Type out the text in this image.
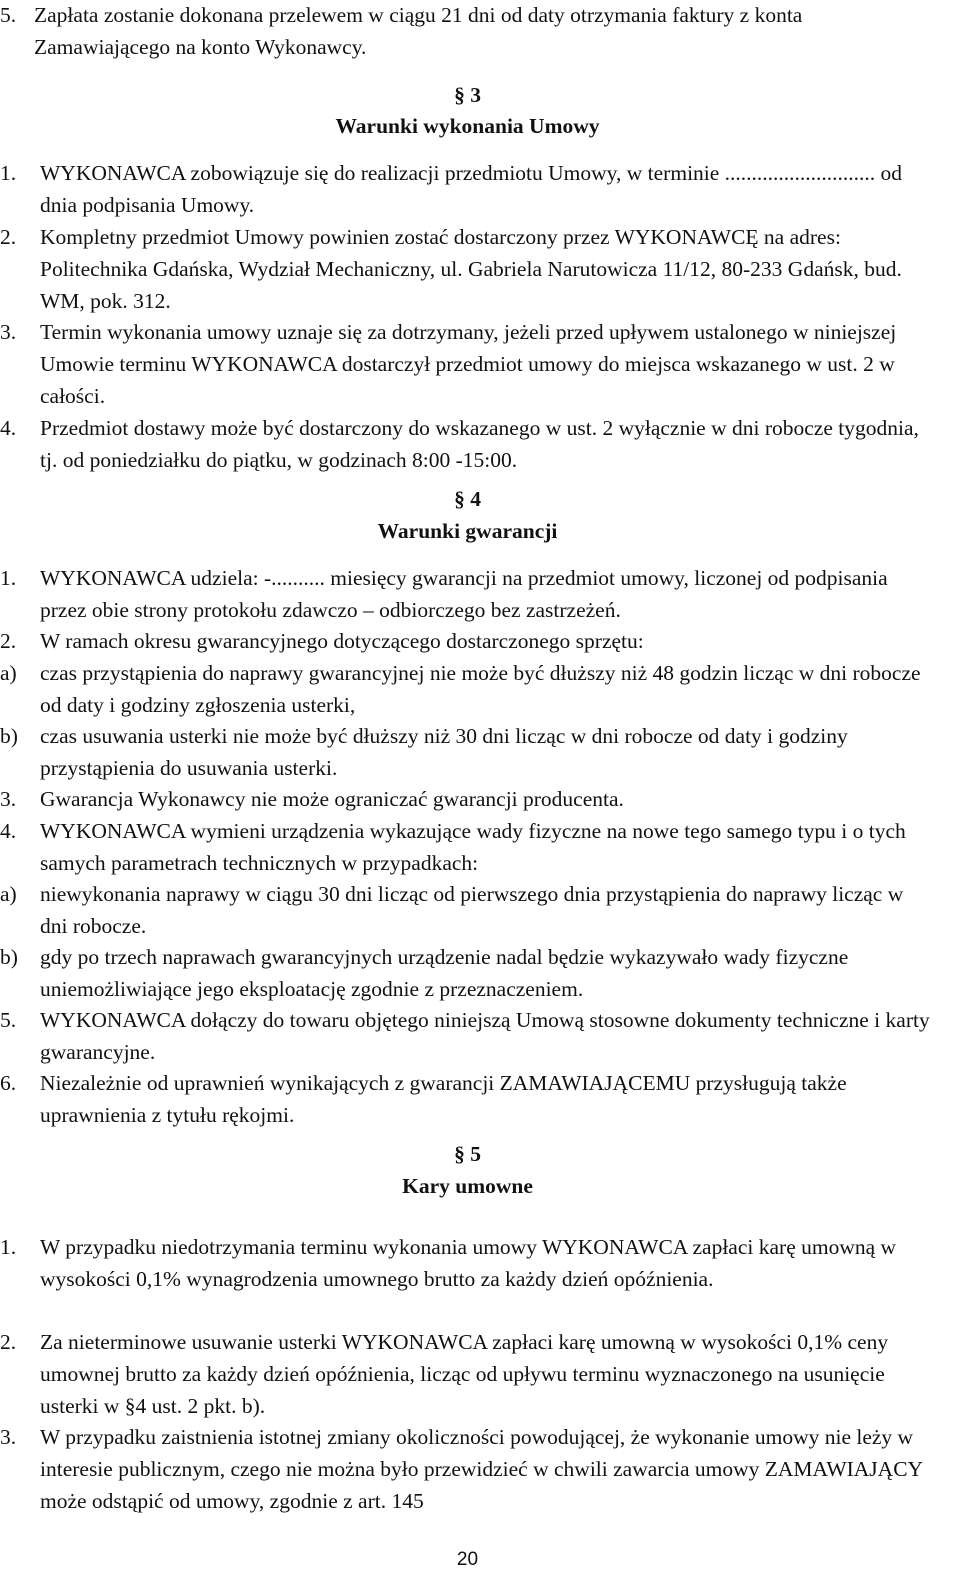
5. Zapłata zostanie dokonana przelewem w ciągu 21 dni od daty otrzymania faktury z konta Zamawiającego na konto Wykonawcy.
§ 3
Warunki wykonania Umowy
1. WYKONAWCA zobowiązuje się do realizacji przedmiotu Umowy, w terminie ............................ od dnia podpisania Umowy.
2. Kompletny przedmiot Umowy powinien zostać dostarczony przez WYKONAWCĘ na adres: Politechnika Gdańska, Wydział Mechaniczny, ul. Gabriela Narutowicza 11/12, 80-233 Gdańsk, bud. WM, pok. 312.
3. Termin wykonania umowy uznaje się za dotrzymany, jeżeli przed upływem ustalonego w niniejszej Umowie terminu WYKONAWCA dostarczył przedmiot umowy do miejsca wskazanego w ust. 2 w całości.
4. Przedmiot dostawy może być dostarczony do wskazanego w ust. 2 wyłącznie w dni robocze tygodnia, tj. od poniedziałku do piątku, w godzinach 8:00 -15:00.
§ 4
Warunki gwarancji
1. WYKONAWCA udziela: -.......... miesięcy gwarancji na przedmiot umowy, liczonej od podpisania przez obie strony protokołu zdawczo – odbiorczego bez zastrzeżeń.
2. W ramach okresu gwarancyjnego dotyczącego dostarczonego sprzętu:
a) czas przystąpienia do naprawy gwarancyjnej nie może być dłuższy niż 48 godzin licząc w dni robocze od daty i godziny zgłoszenia usterki,
b) czas usuwania usterki nie może być dłuższy niż 30 dni licząc w dni robocze od daty i godziny przystąpienia do usuwania usterki.
3. Gwarancja Wykonawcy nie może ograniczać gwarancji producenta.
4. WYKONAWCA wymieni urządzenia wykazujące wady fizyczne na nowe tego samego typu i o tych samych parametrach technicznych w przypadkach:
a) niewykonania naprawy w ciągu 30 dni licząc od pierwszego dnia przystąpienia do naprawy licząc w dni robocze.
b) gdy po trzech naprawach gwarancyjnych urządzenie nadal będzie wykazywało wady fizyczne uniemożliwiające jego eksploatację zgodnie z przeznaczeniem.
5. WYKONAWCA dołączy do towaru objętego niniejszą Umową stosowne dokumenty techniczne i karty gwarancyjne.
6. Niezależnie od uprawnień wynikających z gwarancji ZAMAWIAJĄCEMU przysługują także uprawnienia z tytułu rękojmi.
§ 5
Kary umowne
1. W przypadku niedotrzymania terminu wykonania umowy WYKONAWCA zapłaci karę umowną w wysokości 0,1% wynagrodzenia umownego brutto za każdy dzień opóźnienia.
2. Za nieterminowe usuwanie usterki WYKONAWCA zapłaci karę umowną w wysokości 0,1% ceny umownej brutto za każdy dzień opóźnienia, licząc od upływu terminu wyznaczonego na usunięcie usterki w §4 ust. 2 pkt. b).
3. W przypadku zaistnienia istotnej zmiany okoliczności powodującej, że wykonanie umowy nie leży w interesie publicznym, czego nie można było przewidzieć w chwili zawarcia umowy ZAMAWIAJĄCY może odstąpić od umowy, zgodnie z art. 145
20
